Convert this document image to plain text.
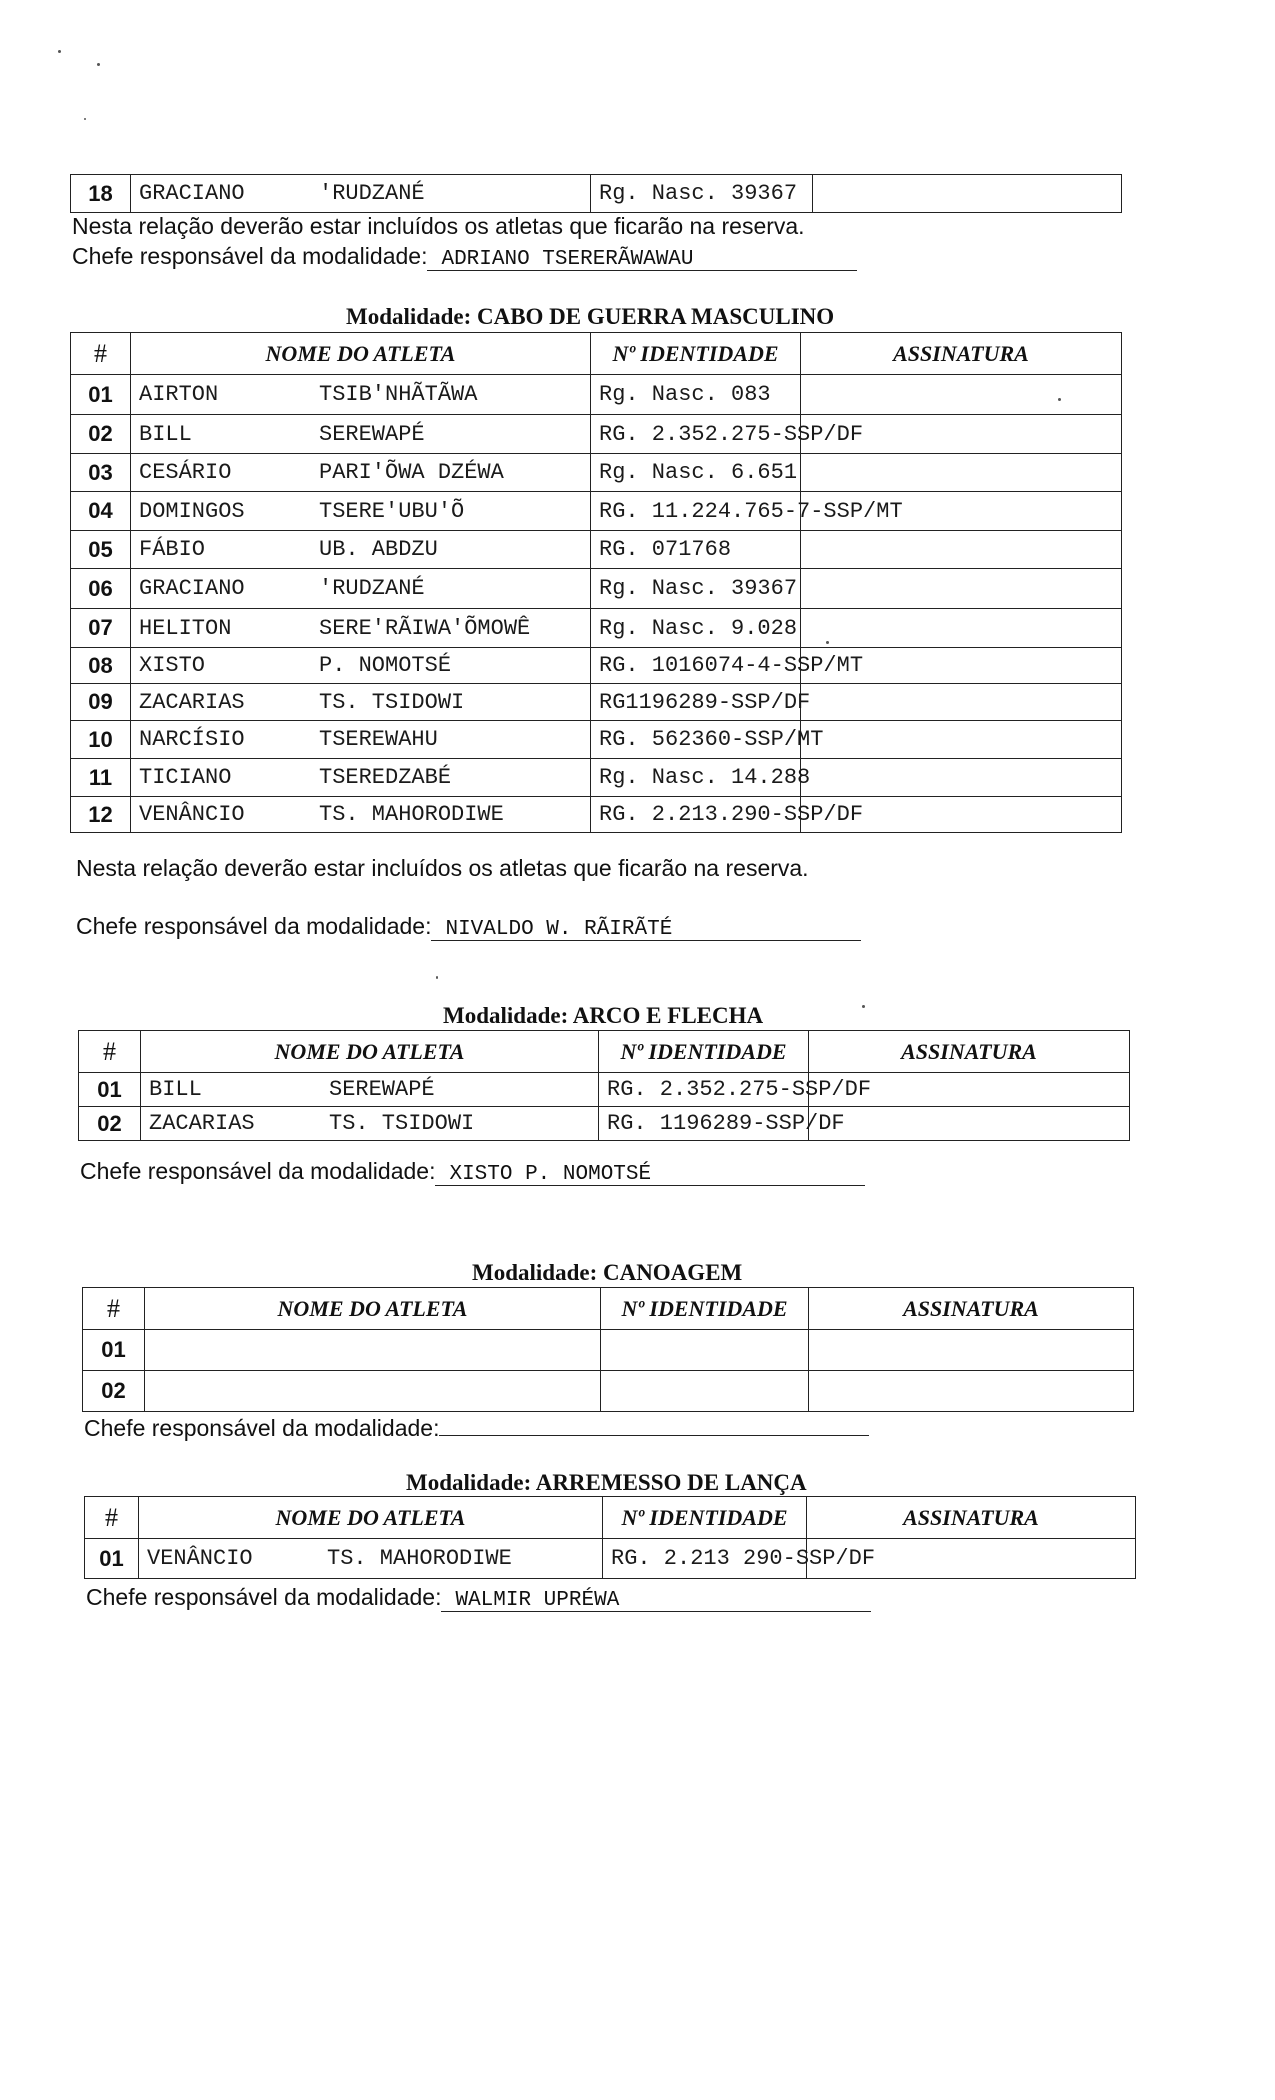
18	GRACIANO	'RUDZANÉ	Rg. Nasc. 39367	
Nesta relação deverão estar incluídos os atletas que ficarão na reserva.
Chefe responsável da modalidade: ADRIANO TSERERÃWAWAU
Modalidade: CABO DE GUERRA MASCULINO
#	NOME DO ATLETA	Nº IDENTIDADE	ASSINATURA
01	AIRTON TSIB'NHÃTÃWA	Rg. Nasc. 083	
02	BILL SEREWAPÉ	RG. 2.352.275-SSP/DF	
03	CESÁRIO PARI'ÕWA DZÉWA	Rg. Nasc. 6.651	
04	DOMINGOS TSERE'UBU'Õ	RG. 11.224.765-7-SSP/MT	
05	FÁBIO UB. ABDZU	RG. 071768	
06	GRACIANO 'RUDZANÉ	Rg. Nasc. 39367	
07	HELITON SERE'RÃIWA'ÕMOWÊ	Rg. Nasc. 9.028	
08	XISTO P. NOMOTSÉ	RG. 1016074-4-SSP/MT	
09	ZACARIAS TS. TSIDOWI	RG1196289-SSP/DF	
10	NARCÍSIO TSEREWAHU	RG. 562360-SSP/MT	
11	TICIANO TSEREDZABÉ	Rg. Nasc. 14.288	
12	VENÂNCIO TS. MAHORODIWE	RG. 2.213.290-SSP/DF	
Nesta relação deverão estar incluídos os atletas que ficarão na reserva.
Chefe responsável da modalidade: NIVALDO W. RÃIRÃTÉ
Modalidade: ARCO E FLECHA
#	NOME DO ATLETA	Nº IDENTIDADE	ASSINATURA
01	BILL SEREWAPÉ	RG. 2.352.275-SSP/DF	
02	ZACARIAS TS. TSIDOWI	RG. 1196289-SSP/DF	
Chefe responsável da modalidade: XISTO P. NOMOTSÉ
Modalidade: CANOAGEM
#	NOME DO ATLETA	Nº IDENTIDADE	ASSINATURA
01			
02			
Chefe responsável da modalidade:
Modalidade: ARREMESSO DE LANÇA
#	NOME DO ATLETA	Nº IDENTIDADE	ASSINATURA
01	VENÂNCIO TS. MAHORODIWE	RG. 2.213 290-SSP/DF	
Chefe responsável da modalidade: WALMIR UPRÉWA
